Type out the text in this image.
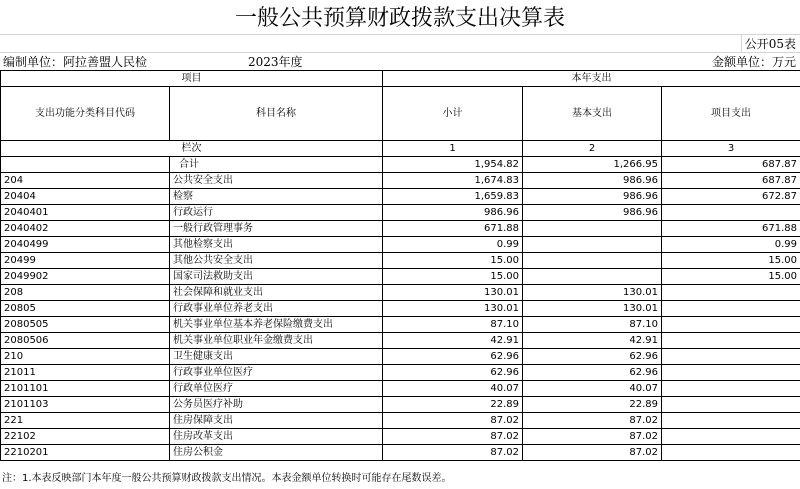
一般公共预算财政拨款支出决算表
公开05表
编制单位：阿拉善盟人民检	2023年度	金额单位：万元
项目		本年支出		
支出功能分类科目代码	科目名称	小计	基本支出	项目支出
栏次		1	2	3
	合计	1,954.82	1,266.95	687.87
204	公共安全支出	1,674.83	986.96	687.87
20404	检察	1,659.83	986.96	672.87
2040401	行政运行	986.96	986.96	
2040402	一般行政管理事务	671.88		671.88
2040499	其他检察支出	0.99		0.99
20499	其他公共安全支出	15.00		15.00
2049902	国家司法救助支出	15.00		15.00
208	社会保障和就业支出	130.01	130.01	
20805	行政事业单位养老支出	130.01	130.01	
2080505	机关事业单位基本养老保险缴费支出	87.10	87.10	
2080506	机关事业单位职业年金缴费支出	42.91	42.91	
210	卫生健康支出	62.96	62.96	
21011	行政事业单位医疗	62.96	62.96	
2101101	行政单位医疗	40.07	40.07	
2101103	公务员医疗补助	22.89	22.89	
221	住房保障支出	87.02	87.02	
22102	住房改革支出	87.02	87.02	
2210201	住房公积金	87.02	87.02	
注：1.本表反映部门本年度一般公共预算财政拨款支出情况。本表金额单位转换时可能存在尾数误差。
